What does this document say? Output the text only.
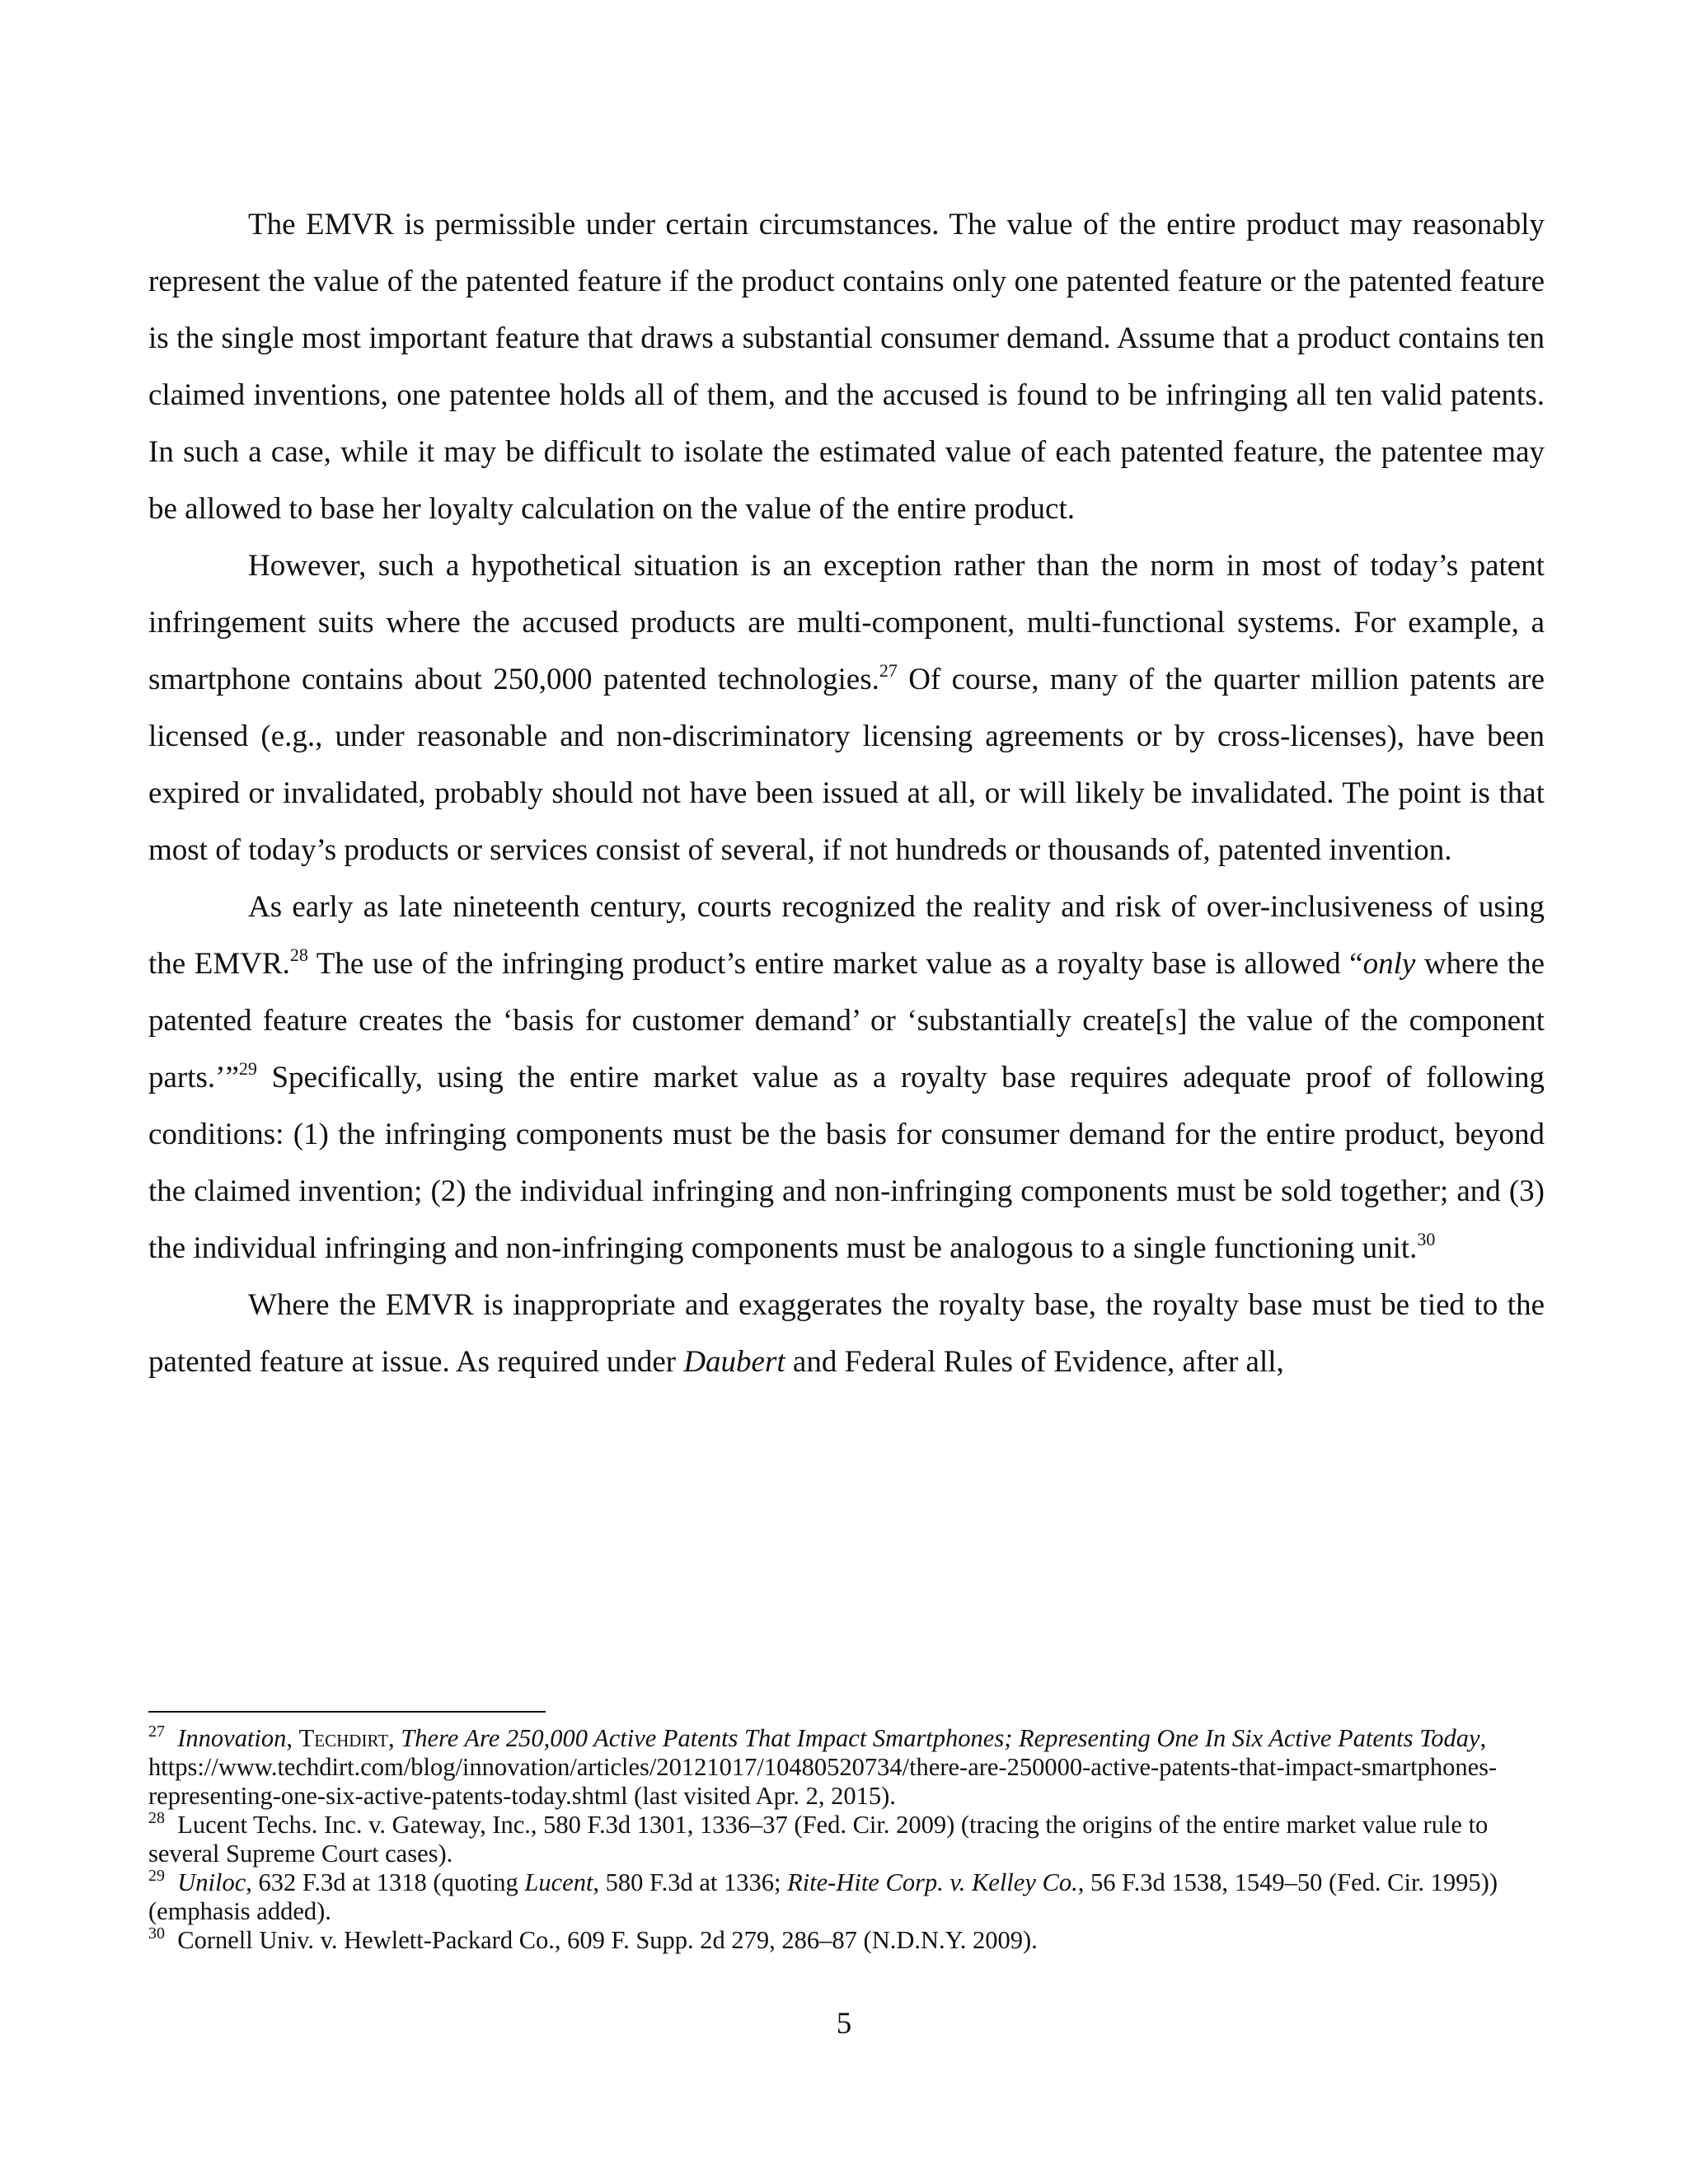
The EMVR is permissible under certain circumstances. The value of the entire product may reasonably represent the value of the patented feature if the product contains only one patented feature or the patented feature is the single most important feature that draws a substantial consumer demand. Assume that a product contains ten claimed inventions, one patentee holds all of them, and the accused is found to be infringing all ten valid patents. In such a case, while it may be difficult to isolate the estimated value of each patented feature, the patentee may be allowed to base her loyalty calculation on the value of the entire product.

However, such a hypothetical situation is an exception rather than the norm in most of today’s patent infringement suits where the accused products are multi-component, multi-functional systems. For example, a smartphone contains about 250,000 patented technologies.$^{27}$ Of course, many of the quarter million patents are licensed (e.g., under reasonable and non-discriminatory licensing agreements or by cross-licenses), have been expired or invalidated, probably should not have been issued at all, or will likely be invalidated. The point is that most of today’s products or services consist of several, if not hundreds or thousands of, patented invention.

As early as late nineteenth century, courts recognized the reality and risk of over-inclusiveness of using the EMVR.$^{28}$ The use of the infringing product’s entire market value as a royalty base is allowed “only where the patented feature creates the ‘basis for customer demand’ or ‘substantially create[s] the value of the component parts.’”$^{29}$ Specifically, using the entire market value as a royalty base requires adequate proof of following conditions: (1) the infringing components must be the basis for consumer demand for the entire product, beyond the claimed invention; (2) the individual infringing and non-infringing components must be sold together; and (3) the individual infringing and non-infringing components must be analogous to a single functioning unit.$^{30}$

Where the EMVR is inappropriate and exaggerates the royalty base, the royalty base must be tied to the patented feature at issue. As required under Daubert and Federal Rules of Evidence, after all,

$^{27}$ Innovation, Techdirt, There Are 250,000 Active Patents That Impact Smartphones; Representing One In Six Active Patents Today, https://www.techdirt.com/blog/innovation/articles/20121017/10480520734/there-are-250000-active-patents-that-impact-smartphones-representing-one-six-active-patents-today.shtml (last visited Apr. 2, 2015).

$^{28}$ Lucent Techs. Inc. v. Gateway, Inc., 580 F.3d 1301, 1336–37 (Fed. Cir. 2009) (tracing the origins of the entire market value rule to several Supreme Court cases).

$^{29}$ Uniloc, 632 F.3d at 1318 (quoting Lucent, 580 F.3d at 1336; Rite-Hite Corp. v. Kelley Co., 56 F.3d 1538, 1549–50 (Fed. Cir. 1995)) (emphasis added).

$^{30}$ Cornell Univ. v. Hewlett-Packard Co., 609 F. Supp. 2d 279, 286–87 (N.D.N.Y. 2009).

5
